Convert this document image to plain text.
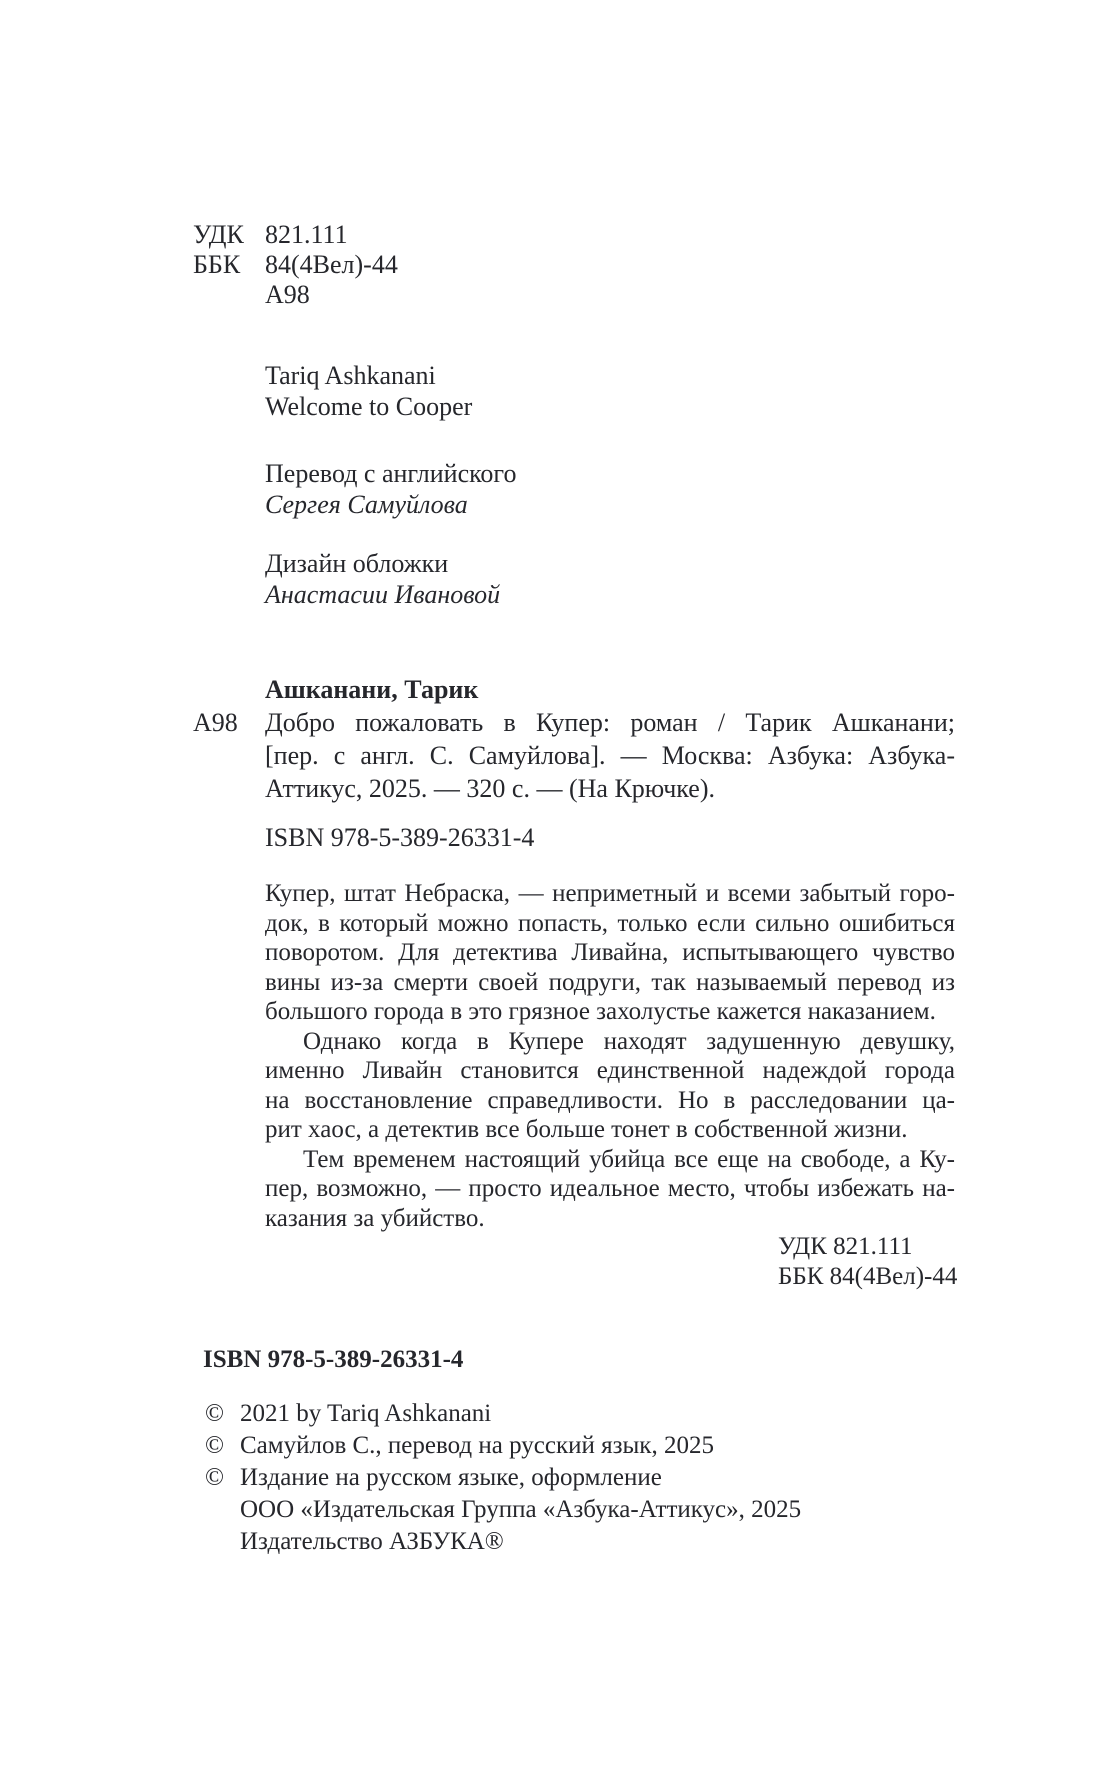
УДК 821.111
ББК 84(4Вел)-44
А98
Tariq Ashkanani
Welcome to Cooper
Перевод с английского
Сергея Самуйлова
Дизайн обложки
Анастасии Ивановой
Ашканани, Тарик
А98	Добро пожаловать в Купер: роман / Тарик Ашканани;
[пер. с англ. С. Самуйлова]. — Москва: Азбука: Азбука-
Аттикус, 2025. — 320 с. — (На Крючке).
ISBN 978-5-389-26331-4
Купер, штат Небраска, — неприметный и всеми забытый горо-
док, в который можно попасть, только если сильно ошибиться
поворотом. Для детектива Ливайна, испытывающего чувство
вины из-за смерти своей подруги, так называемый перевод из
большого города в это грязное захолустье кажется наказанием.
Однако когда в Купере находят задушенную девушку,
именно Ливайн становится единственной надеждой города
на восстановление справедливости. Но в расследовании ца-
рит хаос, а детектив все больше тонет в собственной жизни.
Тем временем настоящий убийца все еще на свободе, а Ку-
пер, возможно, — просто идеальное место, чтобы избежать на-
казания за убийство.
УДК 821.111
ББК 84(4Вел)-44
ISBN 978-5-389-26331-4
© 2021 by Tariq Ashkanani
© Самуйлов С., перевод на русский язык, 2025
© Издание на русском языке, оформление
ООО «Издательская Группа «Азбука-Аттикус», 2025
Издательство АЗБУКА®
